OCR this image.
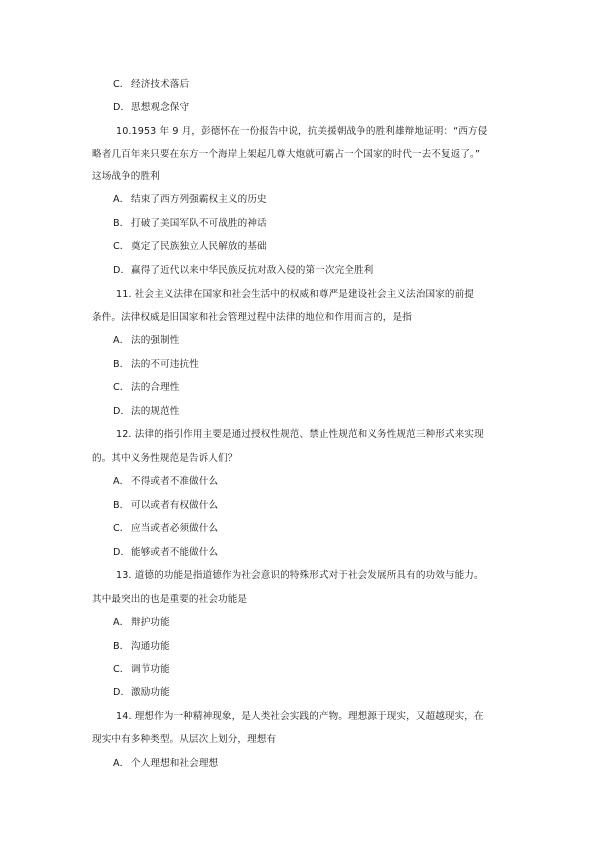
C． 经济技术落后
D．思想观念保守
10.1953 年 9 月，彭德怀在一份报告中说，抗美援朝战争的胜利雄辩地证明：“西方侵
略者几百年来只要在东方一个海岸上架起几尊大炮就可霸占一个国家的时代一去不复返了。”
这场战争的胜利
A． 结束了西方列强霸权主义的历史
B． 打破了美国军队不可战胜的神话
C． 奠定了民族独立人民解放的基础
D．赢得了近代以来中华民族反抗对敌入侵的第一次完全胜利
11. 社会主义法律在国家和社会生活中的权威和尊严是建设社会主义法治国家的前提
条件。法律权威是旧国家和社会管理过程中法律的地位和作用而言的，是指
A． 法的强制性
B． 法的不可违抗性
C． 法的合理性
D．法的规范性
12. 法律的指引作用主要是通过授权性规范、禁止性规范和义务性规范三种形式来实现
的。其中义务性规范是告诉人们？
A． 不得或者不准做什么
B． 可以或者有权做什么
C． 应当或者必须做什么
D．能够或者不能做什么
13. 道德的功能是指道德作为社会意识的特殊形式对于社会发展所具有的功效与能力。
其中最突出的也是重要的社会功能是
A． 辩护功能
B． 沟通功能
C． 调节功能
D．激励功能
14. 理想作为一种精神现象，是人类社会实践的产物。理想源于现实，又超越现实，在
现实中有多种类型。从层次上划分，理想有
A． 个人理想和社会理想
